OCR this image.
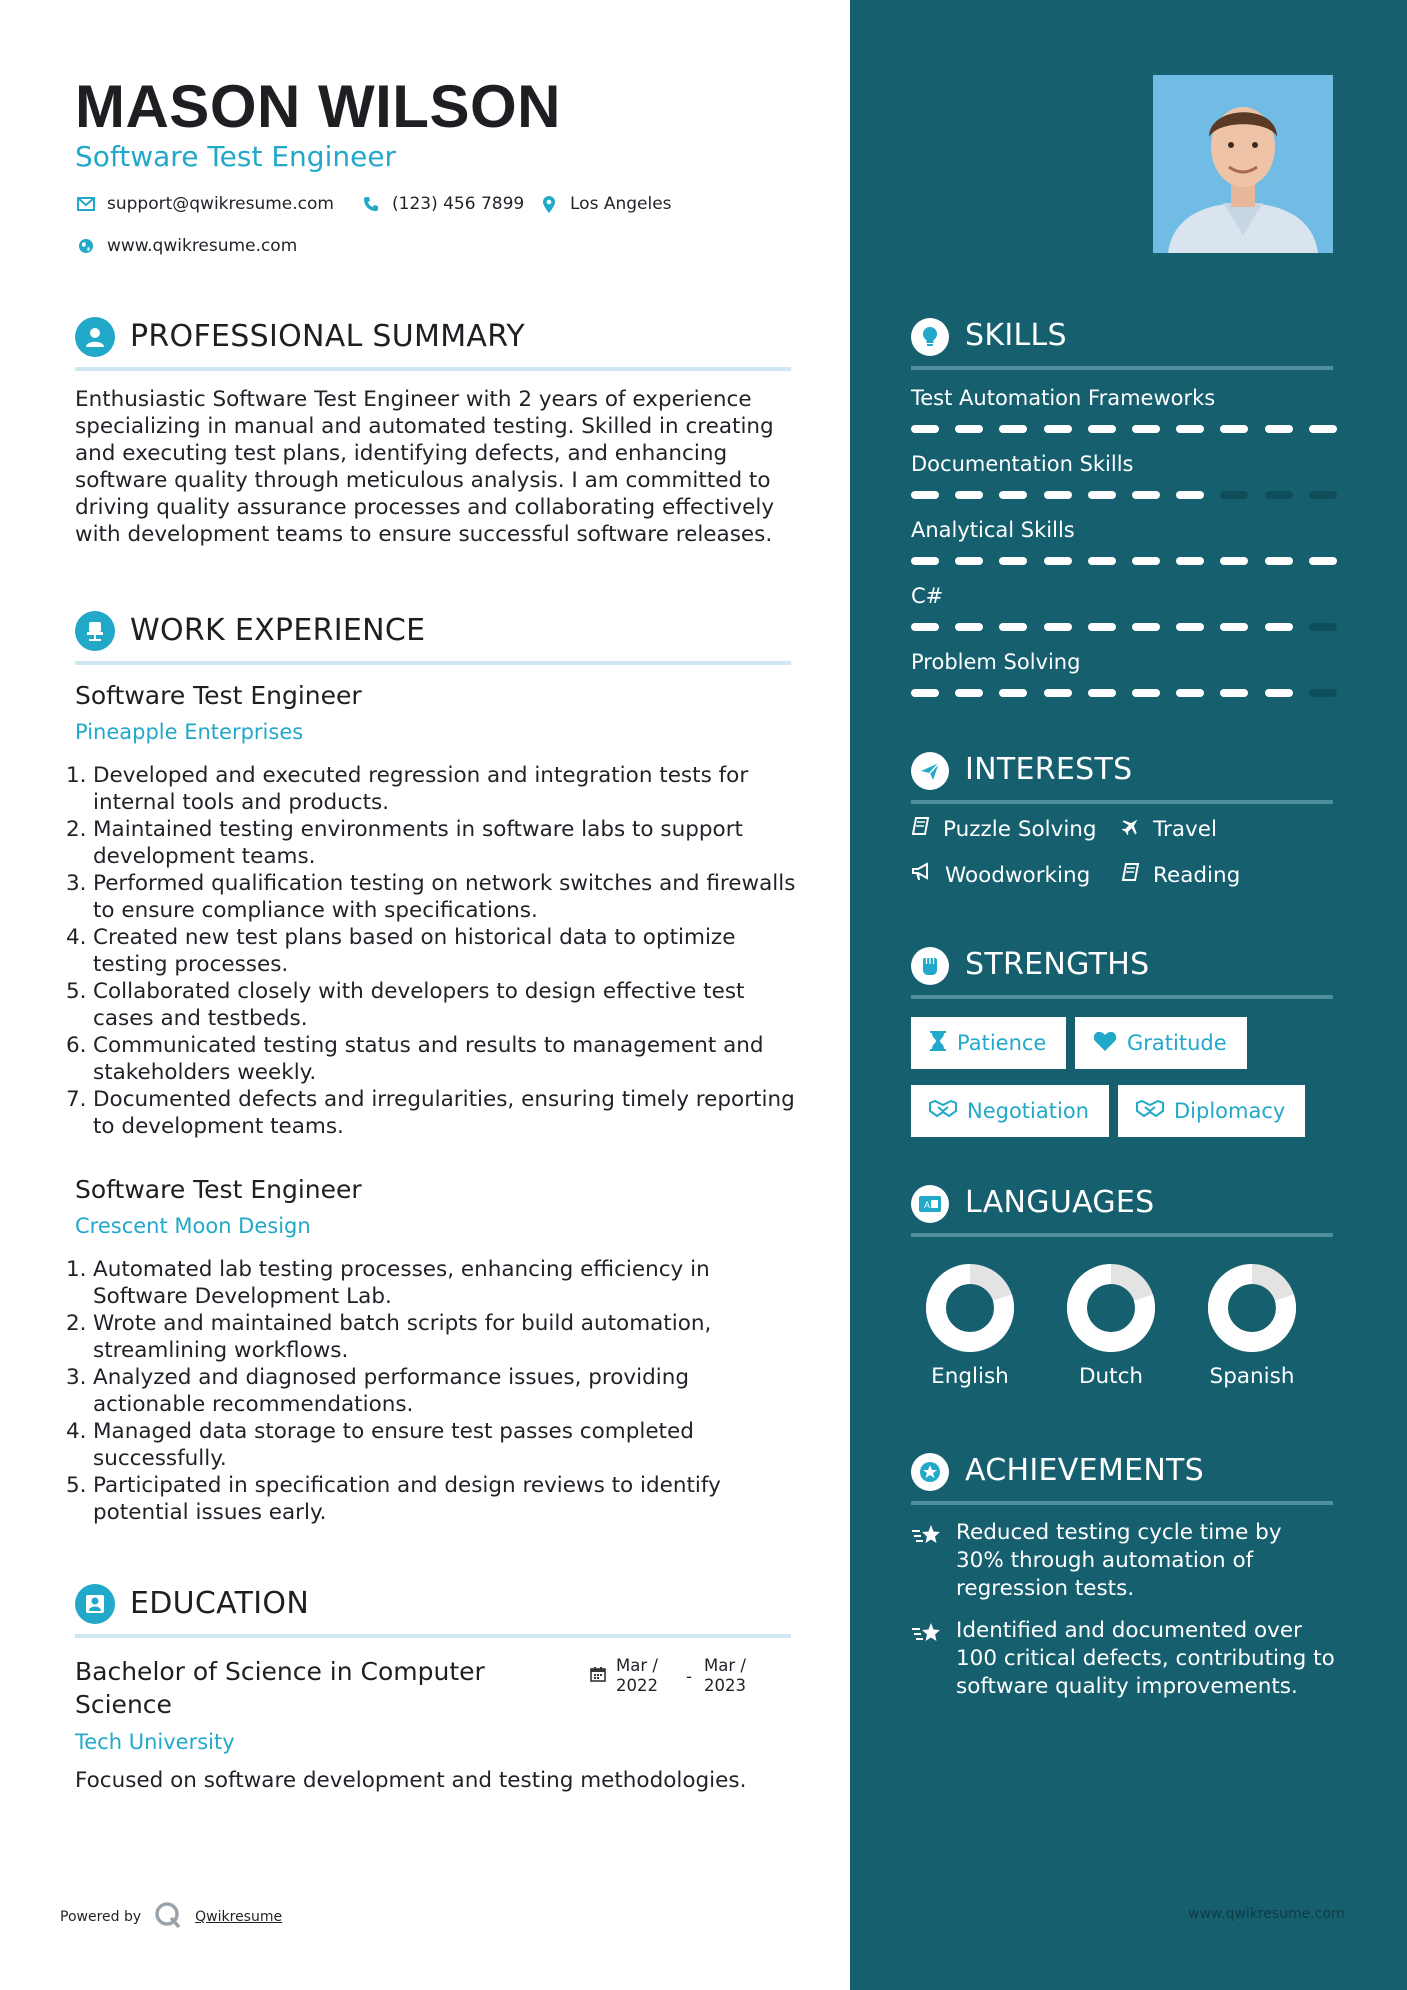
MASON WILSON
Software Test Engineer
support@qwikresume.com	(123) 456 7899	Los Angeles
www.qwikresume.com
PROFESSIONAL SUMMARY
Enthusiastic Software Test Engineer with 2 years of experience specializing in manual and automated testing. Skilled in creating and executing test plans, identifying defects, and enhancing software quality through meticulous analysis. I am committed to driving quality assurance processes and collaborating effectively with development teams to ensure successful software releases.
WORK EXPERIENCE
Software Test Engineer
Pineapple Enterprises
1. Developed and executed regression and integration tests for internal tools and products.
2. Maintained testing environments in software labs to support development teams.
3. Performed qualification testing on network switches and firewalls to ensure compliance with specifications.
4. Created new test plans based on historical data to optimize testing processes.
5. Collaborated closely with developers to design effective test cases and testbeds.
6. Communicated testing status and results to management and stakeholders weekly.
7. Documented defects and irregularities, ensuring timely reporting to development teams.
Software Test Engineer
Crescent Moon Design
1. Automated lab testing processes, enhancing efficiency in Software Development Lab.
2. Wrote and maintained batch scripts for build automation, streamlining workflows.
3. Analyzed and diagnosed performance issues, providing actionable recommendations.
4. Managed data storage to ensure test passes completed successfully.
5. Participated in specification and design reviews to identify potential issues early.
EDUCATION
Bachelor of Science in Computer
Science
Tech University
Mar /
2022 -
Mar /
2023
Focused on software development and testing methodologies.
Powered by	Qwikresume
SKILLS
Test Automation Frameworks
Documentation Skills
Analytical Skills
C#
Problem Solving
INTERESTS
Puzzle Solving	Travel
Woodworking	Reading
STRENGTHS
Patience	Gratitude
Negotiation	Diplomacy
A LANGUAGES
English	Dutch	Spanish
ACHIEVEMENTS
Reduced testing cycle time by 30% through automation of regression tests.
Identified and documented over 100 critical defects, contributing to software quality improvements.
www.qwikresume.com
